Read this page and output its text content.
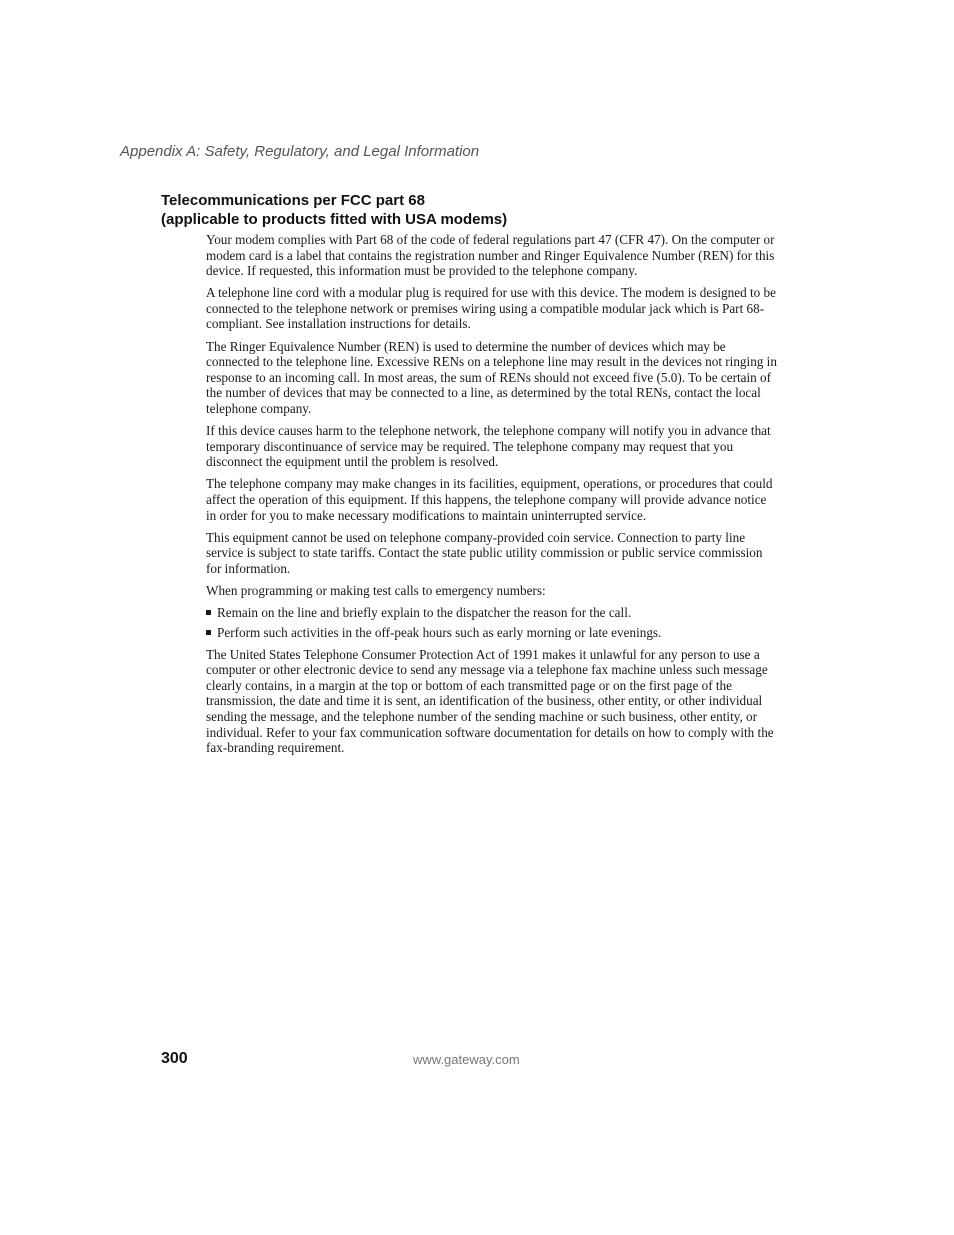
Appendix A: Safety, Regulatory, and Legal Information
Telecommunications per FCC part 68
(applicable to products fitted with USA modems)

Your modem complies with Part 68 of the code of federal regulations part 47 (CFR 47). On the computer or modem card is a label that contains the registration number and Ringer Equivalence Number (REN) for this device. If requested, this information must be provided to the telephone company.

A telephone line cord with a modular plug is required for use with this device. The modem is designed to be connected to the telephone network or premises wiring using a compatible modular jack which is Part 68-compliant. See installation instructions for details.

The Ringer Equivalence Number (REN) is used to determine the number of devices which may be connected to the telephone line. Excessive RENs on a telephone line may result in the devices not ringing in response to an incoming call. In most areas, the sum of RENs should not exceed five (5.0). To be certain of the number of devices that may be connected to a line, as determined by the total RENs, contact the local telephone company.

If this device causes harm to the telephone network, the telephone company will notify you in advance that temporary discontinuance of service may be required. The telephone company may request that you disconnect the equipment until the problem is resolved.

The telephone company may make changes in its facilities, equipment, operations, or procedures that could affect the operation of this equipment. If this happens, the telephone company will provide advance notice in order for you to make necessary modifications to maintain uninterrupted service.

This equipment cannot be used on telephone company-provided coin service. Connection to party line service is subject to state tariffs. Contact the state public utility commission or public service commission for information.

When programming or making test calls to emergency numbers:

Remain on the line and briefly explain to the dispatcher the reason for the call.
Perform such activities in the off-peak hours such as early morning or late evenings.

The United States Telephone Consumer Protection Act of 1991 makes it unlawful for any person to use a computer or other electronic device to send any message via a telephone fax machine unless such message clearly contains, in a margin at the top or bottom of each transmitted page or on the first page of the transmission, the date and time it is sent, an identification of the business, other entity, or other individual sending the message, and the telephone number of the sending machine or such business, other entity, or individual. Refer to your fax communication software documentation for details on how to comply with the fax-branding requirement.

300	www.gateway.com
